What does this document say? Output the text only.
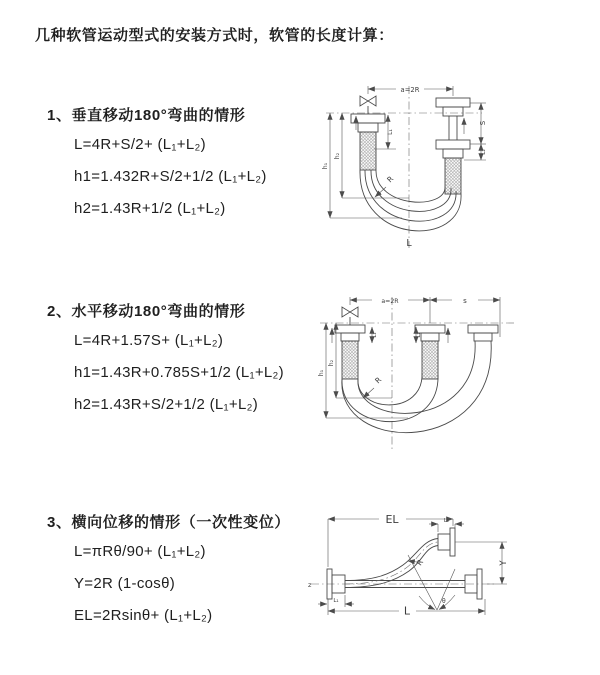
几种软管运动型式的安装方式时，软管的长度计算：
1、垂直移动180°弯曲的情形
L=4R+S/2+ (L₁+L₂)
h1=1.432R+S/2+1/2 (L₁+L₂)
h2=1.43R+1/2 (L₁+L₂)
2、水平移动180°弯曲的情形
L=4R+1.57S+ (L₁+L₂)
h1=1.43R+0.785S+1/2 (L₁+L₂)
h2=1.43R+S/2+1/2 (L₁+L₂)
3、横向位移的情形（一次性变位）
L=πRθ/90+ (L₁+L₂)
Y=2R (1-cosθ)
EL=2Rsinθ+ (L₁+L₂)
a=2R
L₁
S
L₂
h₁
h₂
R
L
a=2R	s
L₁	L₂
h₁
h₂
R
z
EL	L₂
Y
L
L₁	θ
R
